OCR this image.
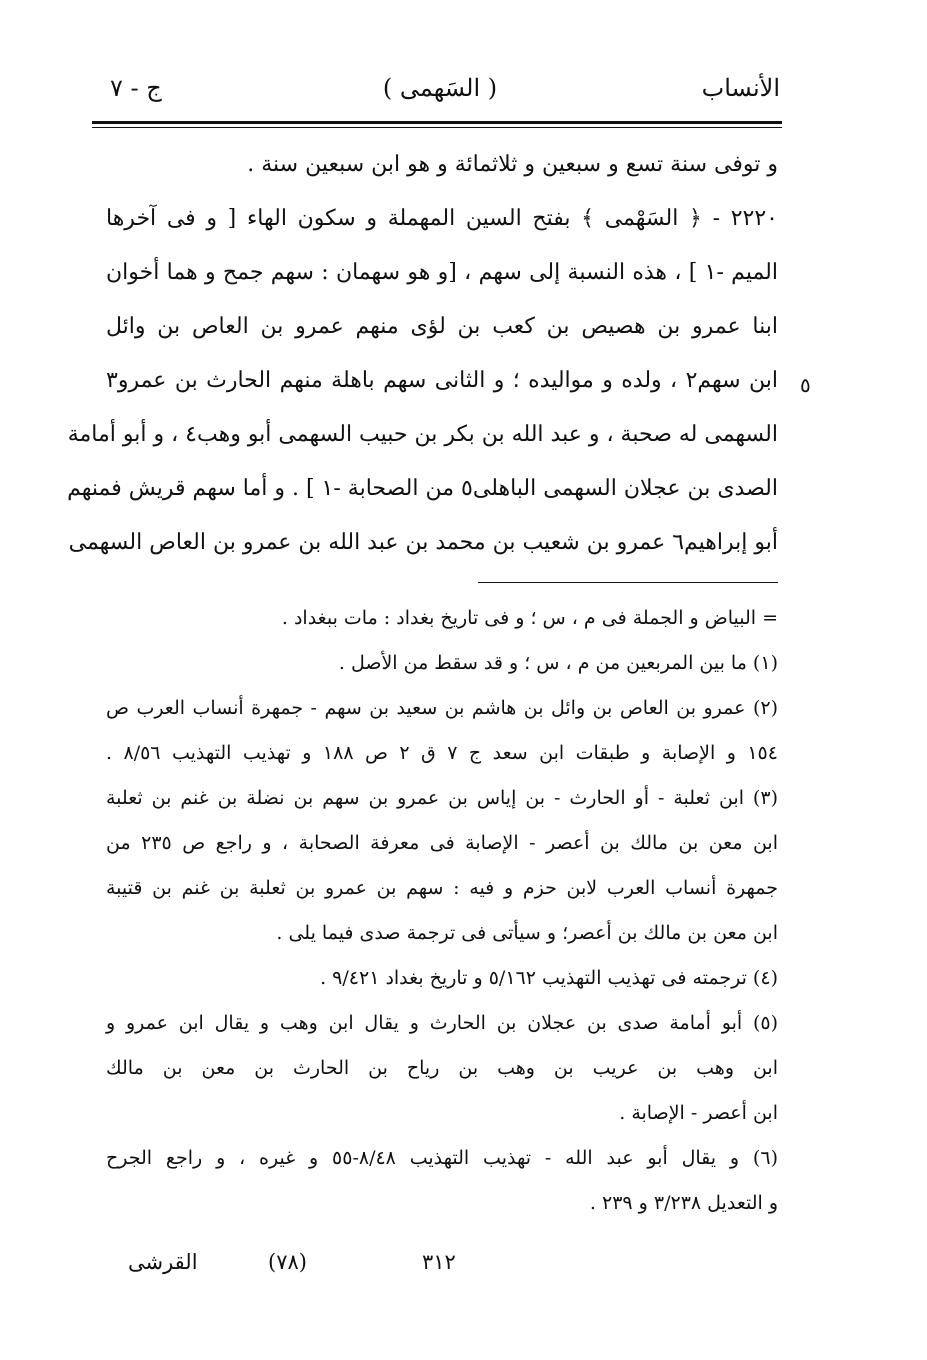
الأنساب
( السَهمى )
ج - ٧
و توفى سنة تسع و سبعين و ثلاثمائة و هو ابن سبعين سنة .
٢٢٢٠ - ﴿ السَهْمى ﴾ بفتح السين المهملة و سكون الهاء [ و فى آخرها
الميم -١ ] ، هذه النسبة إلى سهم ، [و هو سهمان : سهم جمح و هما أخوان
ابنا عمرو بن هصيص بن كعب بن لؤى منهم عمرو بن العاص بن وائل
ابن سهم٢ ، ولده و مواليده ؛ و الثانى سهم باهلة منهم الحارث بن عمرو٣
السهمى له صحبة ، و عبد الله بن بكر بن حبيب السهمى أبو وهب٤ ، و أبو أمامة
الصدى بن عجلان السهمى الباهلى٥ من الصحابة -١ ] . و أما سهم قريش فمنهم
أبو إبراهيم٦ عمرو بن شعيب بن محمد بن عبد الله بن عمرو بن العاص السهمى
٥
= البياض و الجملة فى م ، س ؛ و فى تاريخ بغداد : مات ببغداد .
(١) ما بين المربعين من م ، س ؛ و قد سقط من الأصل .
(٢) عمرو بن العاص بن وائل بن هاشم بن سعيد بن سهم - جمهرة أنساب العرب ص
١٥٤ و الإصابة و طبقات ابن سعد ج ٧ ق ٢ ص ١٨٨ و تهذيب التهذيب ٨/٥٦ .
(٣) ابن ثعلبة - أو الحارث - بن إياس بن عمرو بن سهم بن نضلة بن غنم بن ثعلبة
ابن معن بن مالك بن أعصر - الإصابة فى معرفة الصحابة ، و راجع ص ٢٣٥ من
جمهرة أنساب العرب لابن حزم و فيه : سهم بن عمرو بن ثعلبة بن غنم بن قتيبة
ابن معن بن مالك بن أعصر؛ و سيأتى فى ترجمة صدى فيما يلى .
(٤) ترجمته فى تهذيب التهذيب ٥/١٦٢ و تاريخ بغداد ٩/٤٢١ .
(٥) أبو أمامة صدى بن عجلان بن الحارث و يقال ابن وهب و يقال ابن عمرو و
ابن وهب بن عريب بن وهب بن رياح بن الحارث بن معن بن مالك
ابن أعصر - الإصابة .
(٦) و يقال أبو عبد الله - تهذيب التهذيب ٨/٤٨-٥٥ و غيره ، و راجع الجرح
و التعديل ٣/٢٣٨ و ٢٣٩ .
القرشى	(٧٨)	٣١٢
